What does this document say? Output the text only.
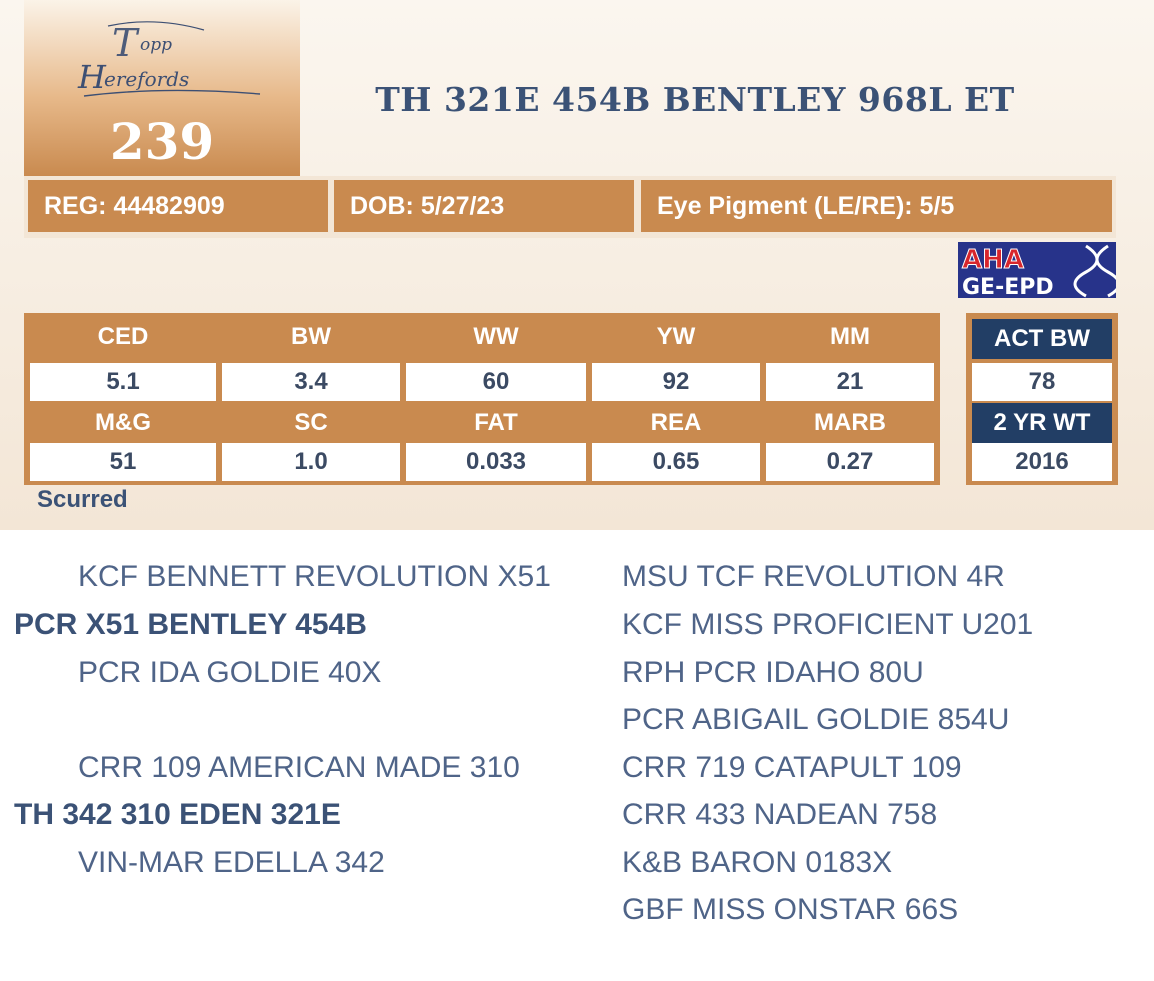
T opp
H
erefords
239
TH 321E 454B BENTLEY 968L ET
REG: 44482909	DOB: 5/27/23	Eye Pigment (LE/RE): 5/5
AHA
GE-EPD
CED	BW	WW	YW	MM
5.1	3.4	60	92	21
M&G	SC	FAT	REA	MARB
51	1.0	0.033	0.65	0.27
ACT BW
78
2 YR WT
2016
Scurred
KCF BENNETT REVOLUTION X51
PCR X51 BENTLEY 454B
PCR IDA GOLDIE 40X
CRR 109 AMERICAN MADE 310
TH 342 310 EDEN 321E
VIN-MAR EDELLA 342
MSU TCF REVOLUTION 4R
KCF MISS PROFICIENT U201
RPH PCR IDAHO 80U
PCR ABIGAIL GOLDIE 854U
CRR 719 CATAPULT 109
CRR 433 NADEAN 758
K&B BARON 0183X
GBF MISS ONSTAR 66S
